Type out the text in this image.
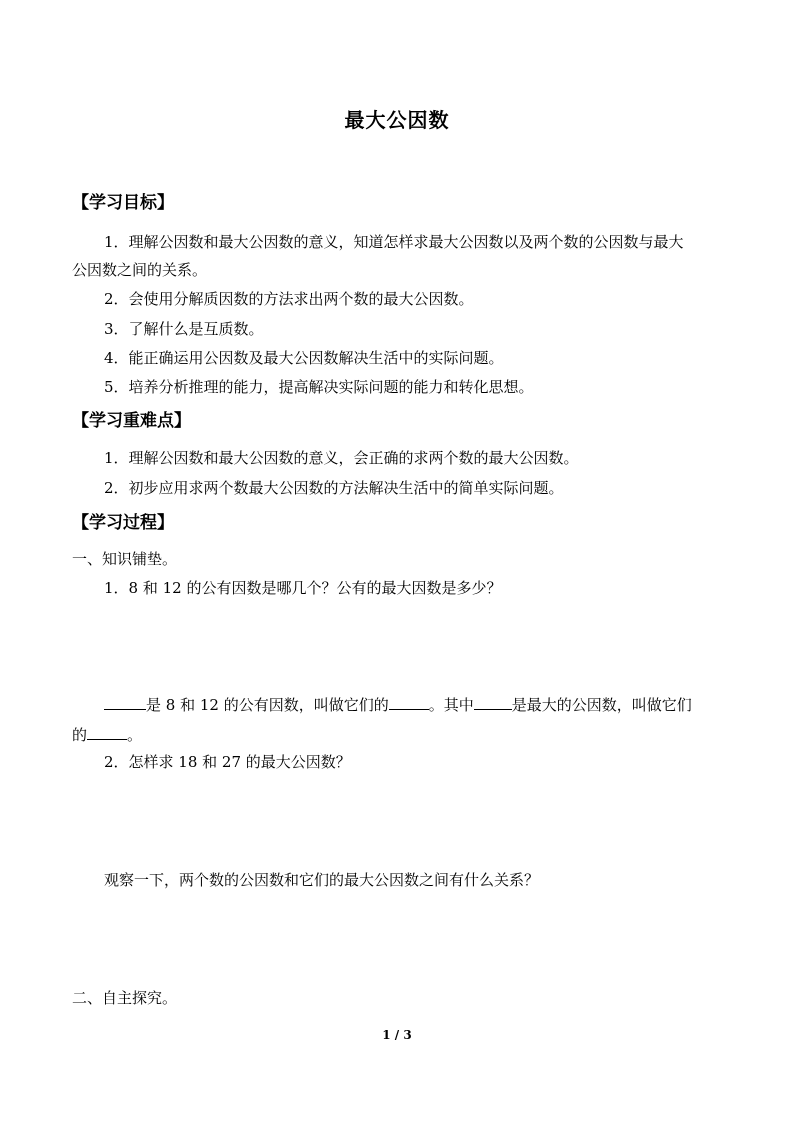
最大公因数
【学习目标】
1．理解公因数和最大公因数的意义，知道怎样求最大公因数以及两个数的公因数与最大
公因数之间的关系。
2．会使用分解质因数的方法求出两个数的最大公因数。
3．了解什么是互质数。
4．能正确运用公因数及最大公因数解决生活中的实际问题。
5．培养分析推理的能力，提高解决实际问题的能力和转化思想。
【学习重难点】
1．理解公因数和最大公因数的意义，会正确的求两个数的最大公因数。
2．初步应用求两个数最大公因数的方法解决生活中的简单实际问题。
【学习过程】
一、知识铺垫。
1．8 和 12 的公有因数是哪几个？公有的最大因数是多少？
是 8 和 12 的公有因数，叫做它们的	。其中	是最大的公因数，叫做它们
的	。
2．怎样求 18 和 27 的最大公因数？
观察一下，两个数的公因数和它们的最大公因数之间有什么关系？
二、自主探究。
1 / 3
